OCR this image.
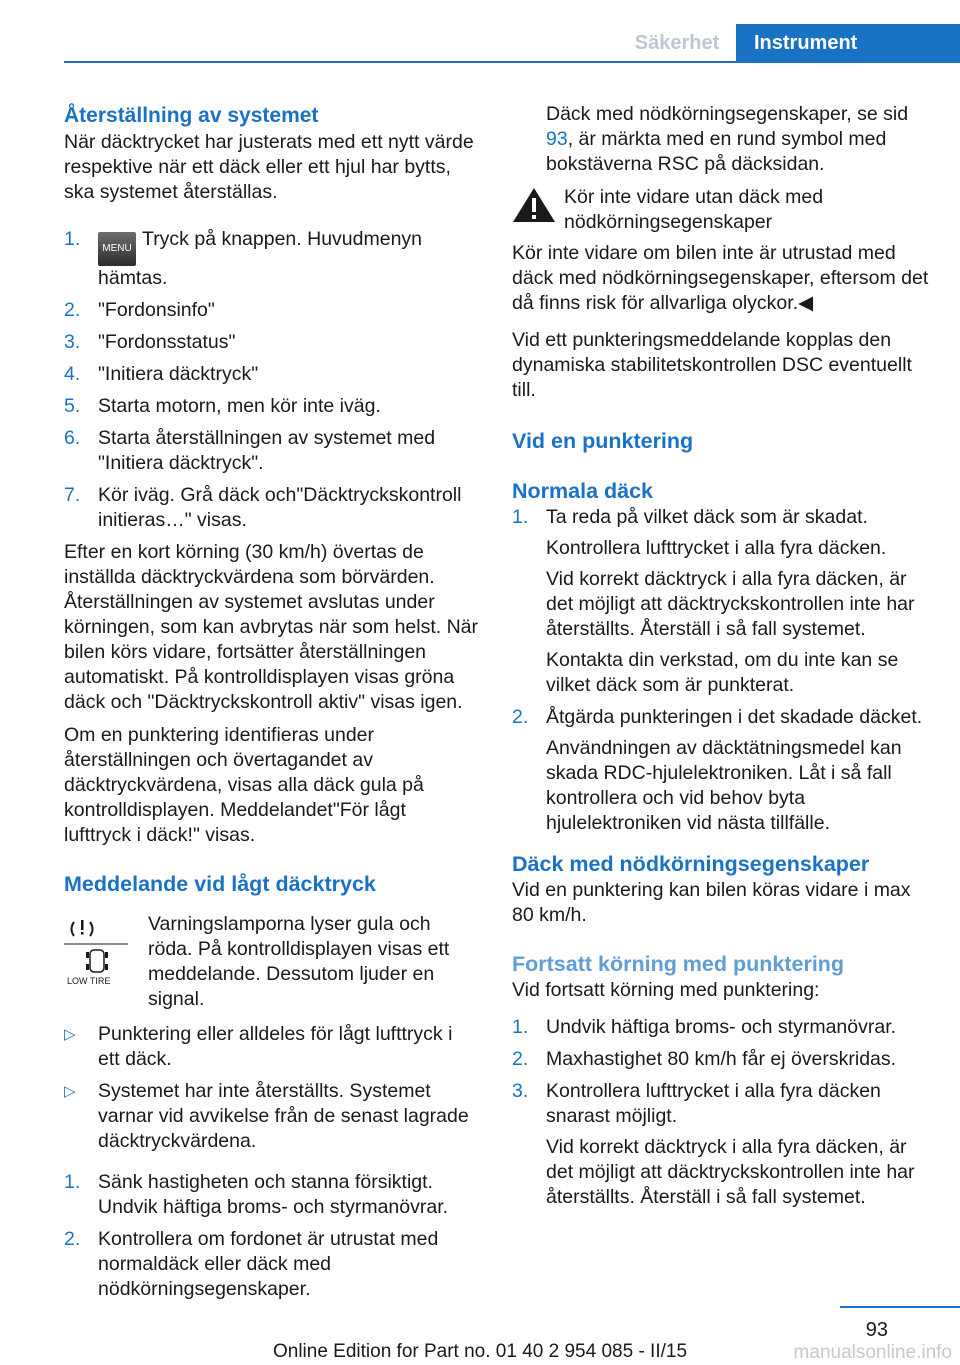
Säkerhet	Instrument
Återställning av systemet

När däcktrycket har justerats med ett nytt värde respektive när ett däck eller ett hjul har bytts, ska systemet återställas.

1. MENU Tryck på knappen. Huvudmenyn hämtas.
2. "Fordonsinfo"
3. "Fordonsstatus"
4. "Initiera däcktryck"
5. Starta motorn, men kör inte iväg.
6. Starta återställningen av systemet med "Initiera däcktryck".
7. Kör iväg. Grå däck och"Däcktryckskontroll initieras…" visas.

Efter en kort körning (30 km/h) övertas de inställda däcktryckvärdena som börvärden. Återställningen av systemet avslutas under körningen, som kan avbrytas när som helst. När bilen körs vidare, fortsätter återställningen automatiskt. På kontrolldisplayen visas gröna däck och "Däcktryckskontroll aktiv" visas igen.

Om en punktering identifieras under återställningen och övertagandet av däcktryckvärdena, visas alla däck gula på kontrolldisplayen. Meddelandet"För lågt lufttryck i däck!" visas.

Meddelande vid lågt däcktryck
LOW TIRE

Varningslamporna lyser gula och röda. På kontrolldisplayen visas ett meddelande. Dessutom ljuder en signal.

▷ Punktering eller alldeles för lågt lufttryck i ett däck.
▷ Systemet har inte återställts. Systemet varnar vid avvikelse från de senast lagrade däcktryckvärdena.
1. Sänk hastigheten och stanna försiktigt. Undvik häftiga broms- och styrmanövrar.
2. Kontrollera om fordonet är utrustat med normaldäck eller däck med nödkörningsegenskaper.

Däck med nödkörningsegenskaper, se sid 93, är märkta med en rund symbol med bokstäverna RSC på däcksidan.

Kör inte vidare utan däck med nödkörningsegenskaper

Kör inte vidare om bilen inte är utrustad med däck med nödkörningsegenskaper, eftersom det då finns risk för allvarliga olyckor.◀

Vid ett punkteringsmeddelande kopplas den dynamiska stabilitetskontrollen DSC eventuellt till.

Vid en punktering
Normala däck
1. Ta reda på vilket däck som är skadat.

Kontrollera lufttrycket i alla fyra däcken.

Vid korrekt däcktryck i alla fyra däcken, är det möjligt att däcktryckskontrollen inte har återställts. Återställ i så fall systemet.

Kontakta din verkstad, om du inte kan se vilket däck som är punkterat.

2. Åtgärda punkteringen i det skadade däcket.

Användningen av däcktätningsmedel kan skada RDC-hjulelektroniken. Låt i så fall kontrollera och vid behov byta hjulelektroniken vid nästa tillfälle.

Däck med nödkörningsegenskaper

Vid en punktering kan bilen köras vidare i max 80 km/h.

Fortsatt körning med punktering

Vid fortsatt körning med punktering:

1. Undvik häftiga broms- och styrmanövrar.

2. Maxhastighet 80 km/h får ej överskridas.

3. Kontrollera lufttrycket i alla fyra däcken snarast möjligt.

Vid korrekt däcktryck i alla fyra däcken, är det möjligt att däcktryckskontrollen inte har återställts. Återställ i så fall systemet.

93
Online Edition for Part no. 01 40 2 954 085 - II/15	manualsonline.info
